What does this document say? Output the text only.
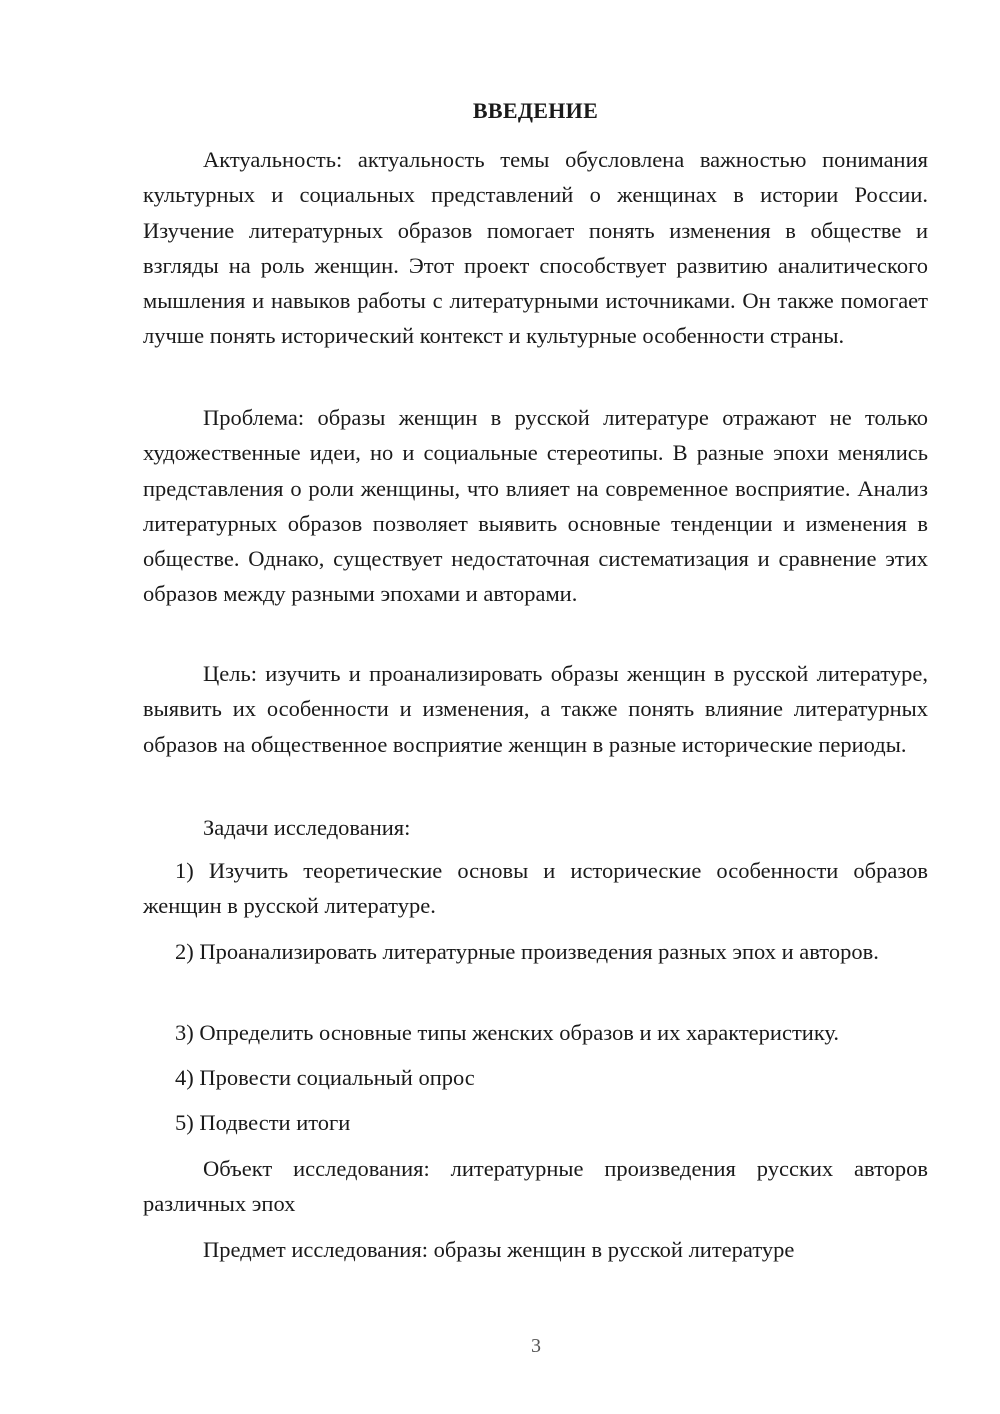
ВВЕДЕНИЕ

Актуальность: актуальность темы обусловлена важностью понимания культурных и социальных представлений о женщинах в истории России. Изучение литературных образов помогает понять изменения в обществе и взгляды на роль женщин. Этот проект способствует развитию аналитического мышления и навыков работы с литературными источниками. Он также помогает лучше понять исторический контекст и культурные особенности страны.

Проблема: образы женщин в русской литературе отражают не только художественные идеи, но и социальные стереотипы. В разные эпохи менялись представления о роли женщины, что влияет на современное восприятие. Анализ литературных образов позволяет выявить основные тенденции и изменения в обществе. Однако, существует недостаточная систематизация и сравнение этих образов между разными эпохами и авторами.

Цель: изучить и проанализировать образы женщин в русской литературе, выявить их особенности и изменения, а также понять влияние литературных образов на общественное восприятие женщин в разные исторические периоды.

Задачи исследования:

1) Изучить теоретические основы и исторические особенности образов женщин в русской литературе.

2) Проанализировать литературные произведения разных эпох и авторов.

3) Определить основные типы женских образов и их характеристику.

4) Провести социальный опрос

5) Подвести итоги

Объект исследования: литературные произведения русских авторов различных эпох

Предмет исследования: образы женщин в русской литературе

3
